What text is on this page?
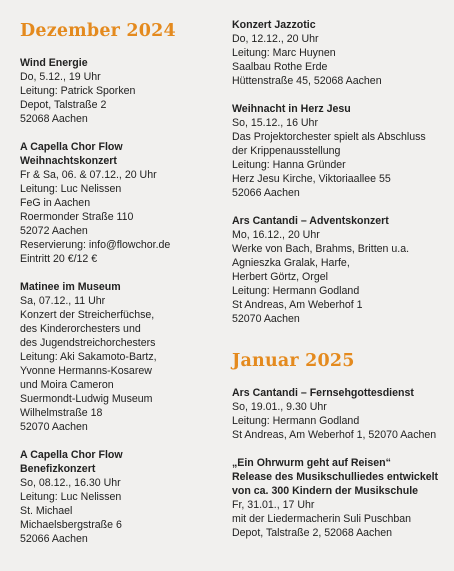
Dezember 2024

Wind Energie

Do, 5.12., 19 Uhr

Leitung: Patrick Sporken

Depot, Talstraße 2

52068 Aachen

A Capella Chor Flow

Weihnachtskonzert

Fr & Sa, 06. & 07.12., 20 Uhr

Leitung: Luc Nelissen

FeG in Aachen

Roermonder Straße 110

52072 Aachen

Reservierung: info@flowchor.de

Eintritt 20 €/12 €

Matinee im Museum

Sa, 07.12., 11 Uhr

Konzert der Streicherfüchse,

des Kinderorchesters und

des Jugendstreichorchesters

Leitung: Aki Sakamoto-Bartz,

Yvonne Hermanns-Kosarew

und Moira Cameron

Suermondt-Ludwig Museum

Wilhelmstraße 18

52070 Aachen

A Capella Chor Flow

Benefizkonzert

So, 08.12., 16.30 Uhr

Leitung: Luc Nelissen

St. Michael

Michaelsbergstraße 6

52066 Aachen

Konzert Jazzotic

Do, 12.12., 20 Uhr

Leitung: Marc Huynen

Saalbau Rothe Erde

Hüttenstraße 45, 52068 Aachen

Weihnacht in Herz Jesu

So, 15.12., 16 Uhr

Das Projektorchester spielt als Abschluss

der Krippenausstellung

Leitung: Hanna Gründer

Herz Jesu Kirche, Viktoriaallee 55

52066 Aachen

Ars Cantandi – Adventskonzert

Mo, 16.12., 20 Uhr

Werke von Bach, Brahms, Britten u.a.

Agnieszka Gralak, Harfe,

Herbert Görtz, Orgel

Leitung: Hermann Godland

St Andreas, Am Weberhof 1

52070 Aachen

Januar 2025

Ars Cantandi – Fernsehgottesdienst

So, 19.01., 9.30 Uhr

Leitung: Hermann Godland

St Andreas, Am Weberhof 1, 52070 Aachen

„Ein Ohrwurm geht auf Reisen“

Release des Musikschulliedes entwickelt

von ca. 300 Kindern der Musikschule

Fr, 31.01., 17 Uhr

mit der Liedermacherin Suli Puschban

Depot, Talstraße 2, 52068 Aachen
